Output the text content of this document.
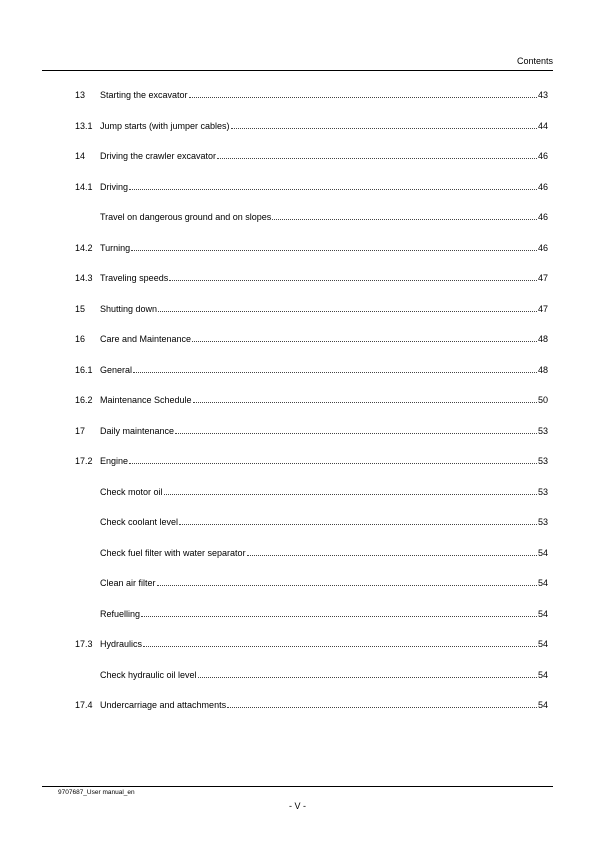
Contents
13 Starting the excavator	43
13.1 Jump starts (with jumper cables)	44
14 Driving the crawler excavator	46
14.1 Driving	46
Travel on dangerous ground and on slopes	46
14.2 Turning	46
14.3 Traveling speeds	47
15 Shutting down	47
16 Care and Maintenance	48
16.1 General	48
16.2 Maintenance Schedule	50
17 Daily maintenance	53
17.2 Engine	53
Check motor oil	53
Check coolant level	53
Check fuel filter with water separator	54
Clean air filter	54
Refuelling	54
17.3 Hydraulics	54
Check hydraulic oil level	54
17.4 Undercarriage and attachments	54
9707687_User manual_en
- V -
